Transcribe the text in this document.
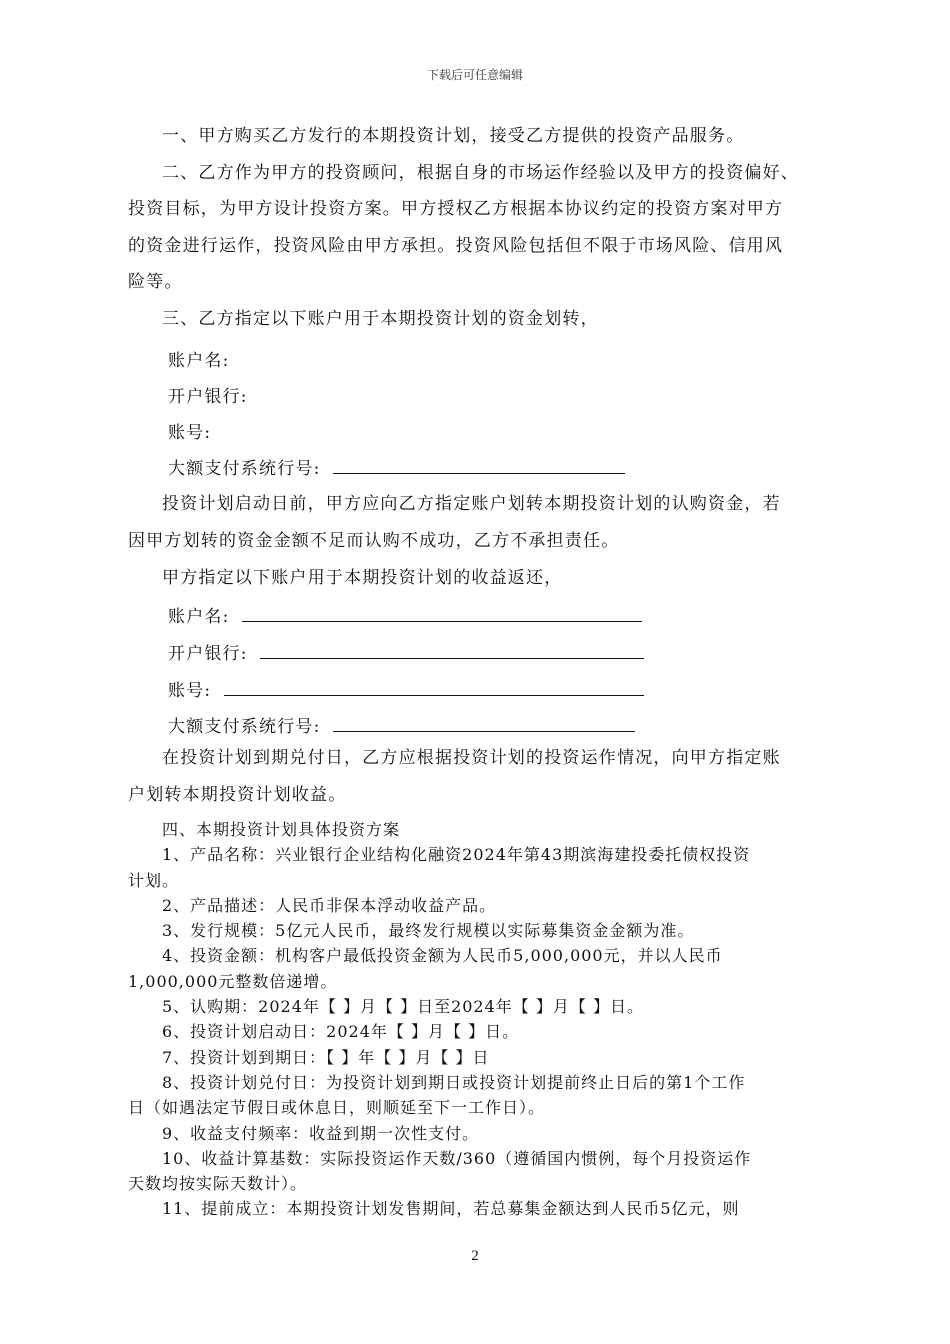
下载后可任意编辑

一、甲方购买乙方发行的本期投资计划，接受乙方提供的投资产品服务。

二、乙方作为甲方的投资顾问，根据自身的市场运作经验以及甲方的投资偏好、

投资目标，为甲方设计投资方案。甲方授权乙方根据本协议约定的投资方案对甲方

的资金进行运作，投资风险由甲方承担。投资风险包括但不限于市场风险、信用风

险等。

三、乙方指定以下账户用于本期投资计划的资金划转，

账户名:
开户银行:
账号:
大额支付系统行号:

投资计划启动日前，甲方应向乙方指定账户划转本期投资计划的认购资金，若

因甲方划转的资金金额不足而认购不成功，乙方不承担责任。

甲方指定以下账户用于本期投资计划的收益返还，

账户名:
开户银行:
账号:
大额支付系统行号:

在投资计划到期兑付日，乙方应根据投资计划的投资运作情况，向甲方指定账

户划转本期投资计划收益。

四、本期投资计划具体投资方案

1、产品名称：兴业银行企业结构化融资2024年第43期滨海建投委托债权投资

计划。

2、产品描述：人民币非保本浮动收益产品。

3、发行规模：5亿元人民币，最终发行规模以实际募集资金金额为准。

4、投资金额：机构客户最低投资金额为人民币5,000,000元，并以人民币

1,000,000元整数倍递增。

5、认购期：2024年【 】月【 】日至2024年【 】月【 】日。

6、投资计划启动日：2024年【 】月【 】日。

7、投资计划到期日：【 】年【 】月【 】日

8、投资计划兑付日：为投资计划到期日或投资计划提前终止日后的第1个工作

日（如遇法定节假日或休息日，则顺延至下一工作日）。

9、收益支付频率：收益到期一次性支付。

10、收益计算基数：实际投资运作天数/360（遵循国内惯例，每个月投资运作

天数均按实际天数计）。

11、提前成立：本期投资计划发售期间，若总募集金额达到人民币5亿元，则

2
